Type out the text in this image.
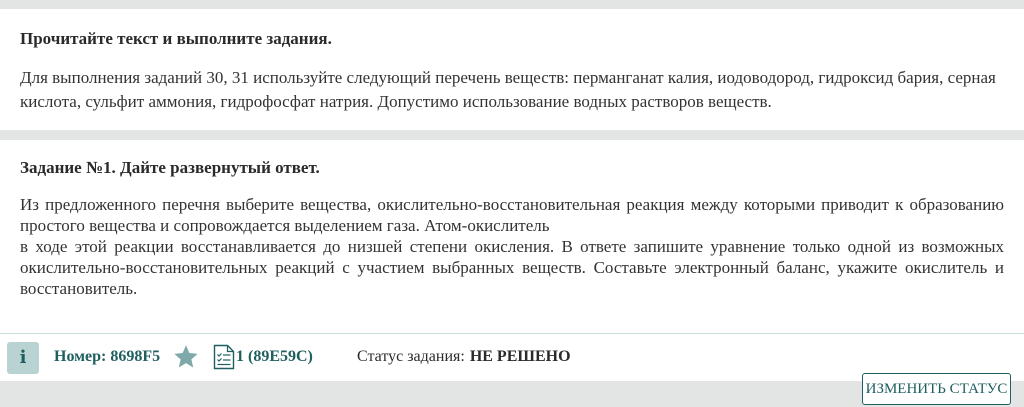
Прочитайте текст и выполните задания.

Для выполнения заданий 30, 31 используйте следующий перечень веществ: перманганат калия, иодоводород, гидроксид бария, серная кислота, сульфит аммония, гидрофосфат натрия. Допустимо использование водных растворов веществ.

Задание №1. Дайте развернутый ответ.

Из предложенного перечня выберите вещества, окислительно-восстановительная реакция между которыми приводит к образованию простого вещества и сопровождается выделением газа. Атом-окислитель
в ходе этой реакции восстанавливается до низшей степени окисления. В ответе запишите уравнение только одной из возможных окислительно-восстановительных реакций с участием выбранных веществ. Составьте электронный баланс, укажите окислитель и восстановитель.

i	Номер: 8698F5	1 (89E59C)	Статус задания: НЕ РЕШЕНО
ИЗМЕНИТЬ СТАТУС
